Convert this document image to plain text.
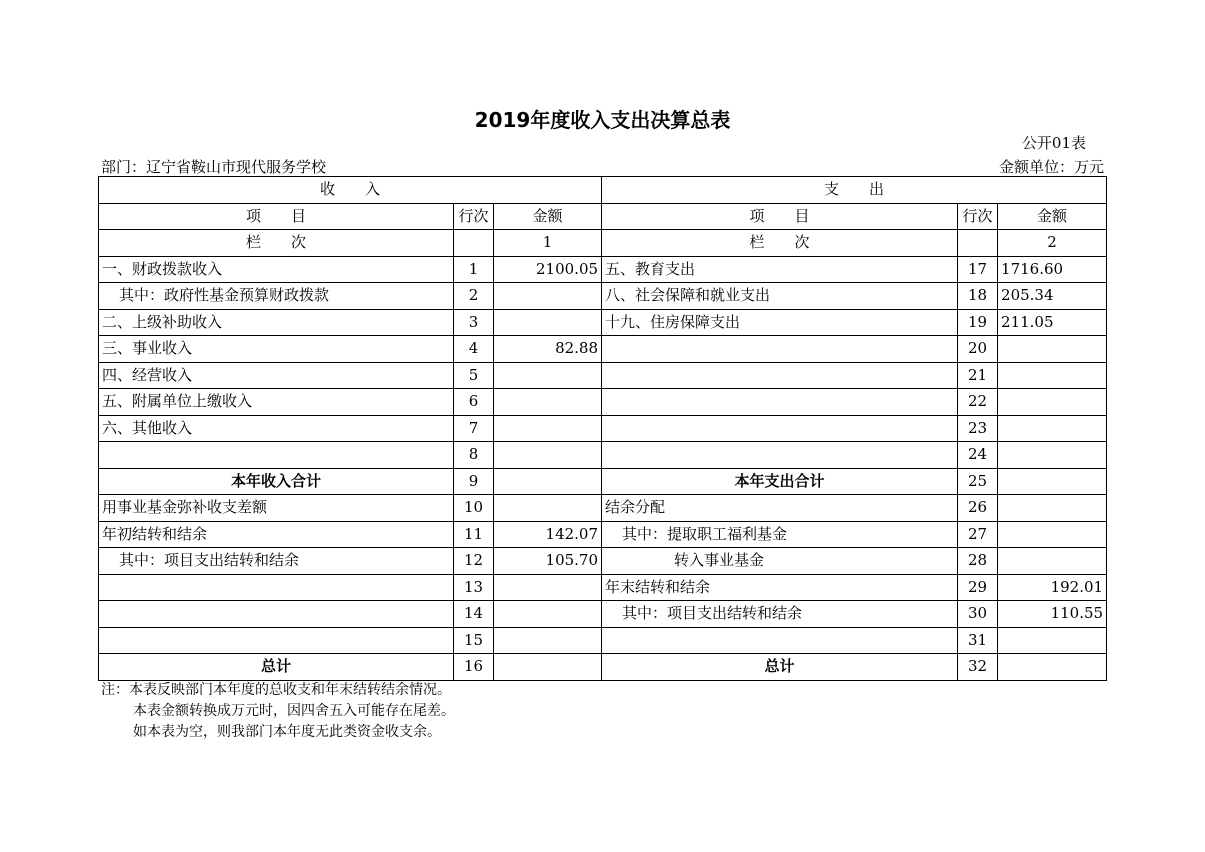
2019年度收入支出决算总表
公开01表
部门：辽宁省鞍山市现代服务学校	金额单位：万元
收　　入			支　　出		
项　　目	行次	金额	项　　目	行次	金额
栏　　次		1	栏　　次		2
一、财政拨款收入	1	2100.05	五、教育支出	17	1716.60
其中：政府性基金预算财政拨款	2		八、社会保障和就业支出	18	205.34
二、上级补助收入	3		十九、住房保障支出	19	211.05
三、事业收入	4	82.88		20	
四、经营收入	5			21	
五、附属单位上缴收入	6			22	
六、其他收入	7			23	
	8			24	
本年收入合计	9		本年支出合计	25	
用事业基金弥补收支差额	10		结余分配	26	
年初结转和结余	11	142.07	其中：提取职工福利基金	27	
其中：项目支出结转和结余	12	105.70	转入事业基金	28	
	13		年末结转和结余	29	192.01
	14		其中：项目支出结转和结余	30	110.55
	15			31	
总计	16		总计	32	
注：本表反映部门本年度的总收支和年末结转结余情况。
本表金额转换成万元时，因四舍五入可能存在尾差。
如本表为空，则我部门本年度无此类资金收支余。
